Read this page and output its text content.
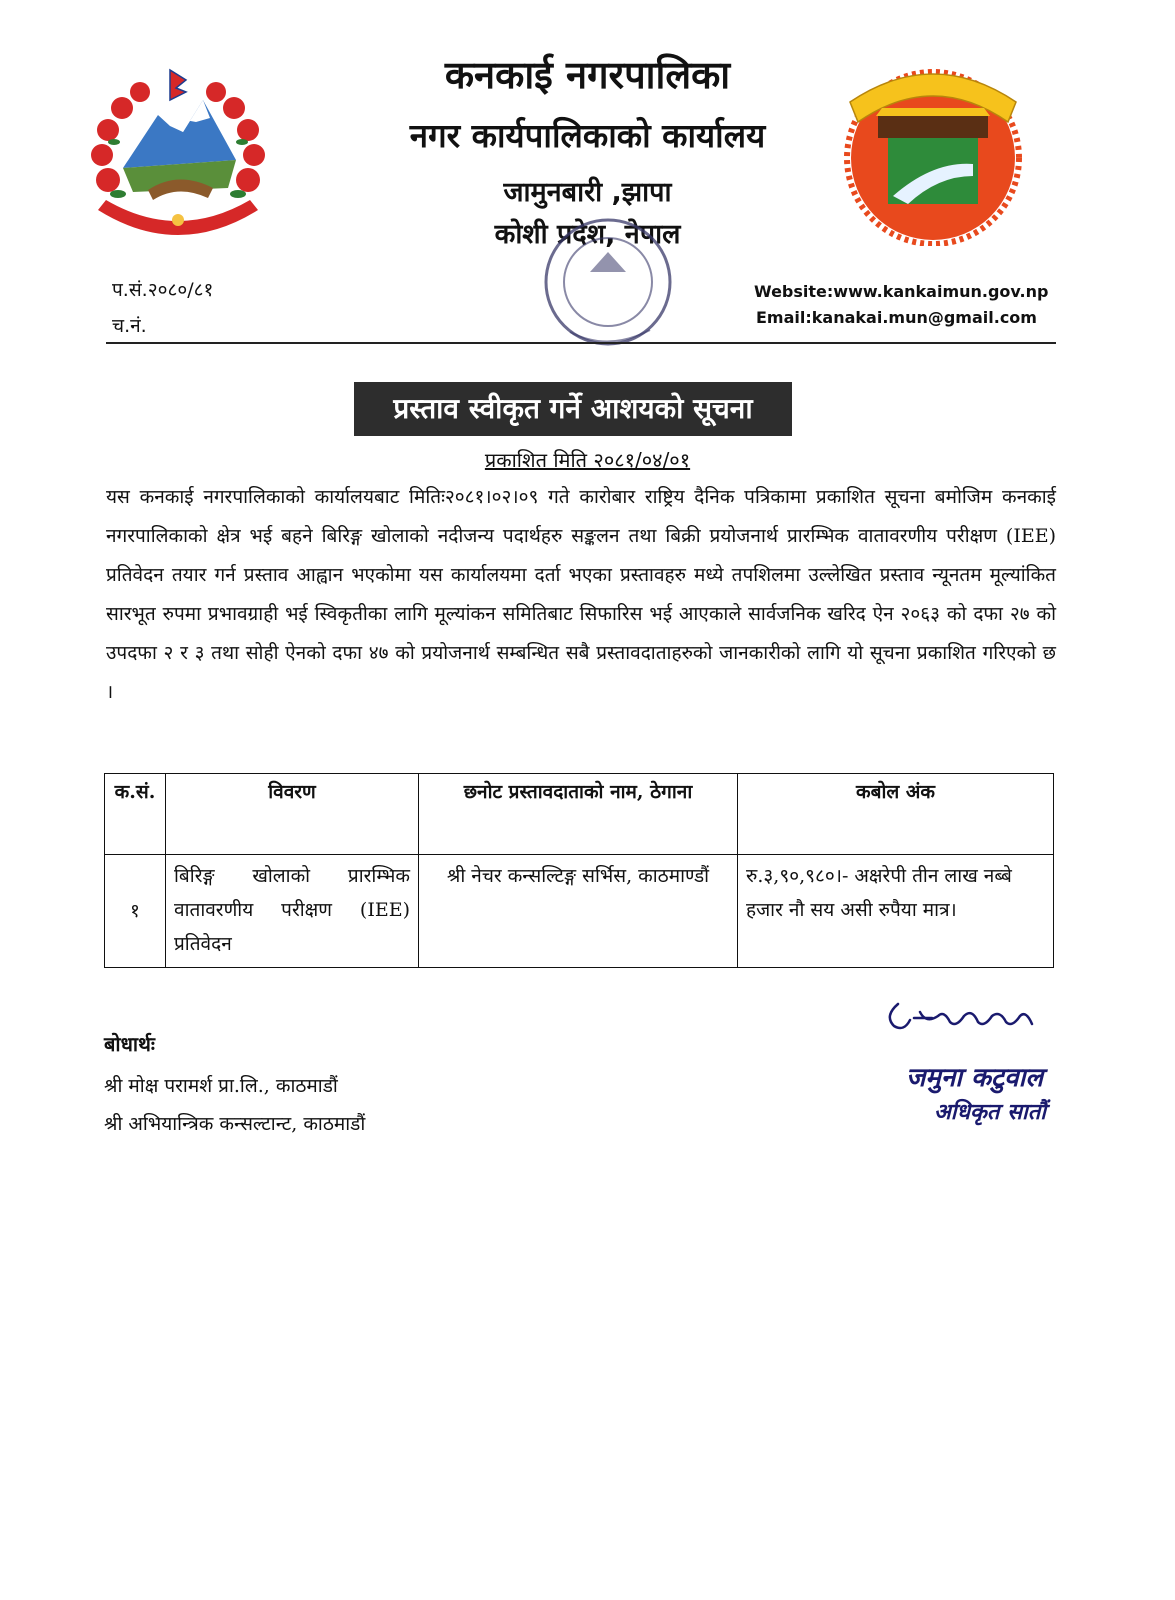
कनकाई नगरपालिका
नगर कार्यपालिकाको कार्यालय
जामुनबारी ,झापा
कोशी प्रदेश, नेपाल
प.सं.२०८०/८१
च.नं.
Website:www.kankaimun.gov.np
Email:kanakai.mun@gmail.com
प्रस्ताव स्वीकृत गर्ने आशयको सूचना
प्रकाशित मिति २०८१/०४/०१
यस कनकाई नगरपालिकाको कार्यालयबाट मितिः२०८१।०२।०९ गते कारोबार राष्ट्रिय दैनिक पत्रिकामा प्रकाशित सूचना बमोजिम कनकाई नगरपालिकाको क्षेत्र भई बहने बिरिङ्ग खोलाको नदीजन्य पदार्थहरु सङ्कलन तथा बिक्री प्रयोजनार्थ प्रारम्भिक वातावरणीय परीक्षण (IEE) प्रतिवेदन तयार गर्न प्रस्ताव आह्वान भएकोमा यस कार्यालयमा दर्ता भएका प्रस्तावहरु मध्ये तपशिलमा उल्लेखित प्रस्ताव न्यूनतम मूल्यांकित सारभूत रुपमा प्रभावग्राही भई स्विकृतीका लागि मूल्यांकन समितिबाट सिफारिस भई आएकाले सार्वजनिक खरिद ऐन २०६३ को दफा २७ को उपदफा २ र ३ तथा सोही ऐनको दफा ४७ को प्रयोजनार्थ सम्बन्धित सबै प्रस्तावदाताहरुको जानकारीको लागि यो सूचना प्रकाशित गरिएको छ ।
क.सं.	विवरण	छनोट प्रस्तावदाताको नाम, ठेगाना	कबोल अंक
१	बिरिङ्ग खोलाको प्रारम्भिक वातावरणीय परीक्षण (IEE) प्रतिवेदन	श्री नेचर कन्सल्टिङ्ग सर्भिस, काठमाण्डौं	रु.३,९०,९८०।- अक्षरेपी तीन लाख नब्बे हजार नौ सय असी रुपैया मात्र।
बोधार्थः
श्री मोक्ष परामर्श प्रा.लि., काठमाडौं
श्री अभियान्त्रिक कन्सल्टान्ट, काठमाडौं
जमुना कटुवाल
अधिकृत सातौं
